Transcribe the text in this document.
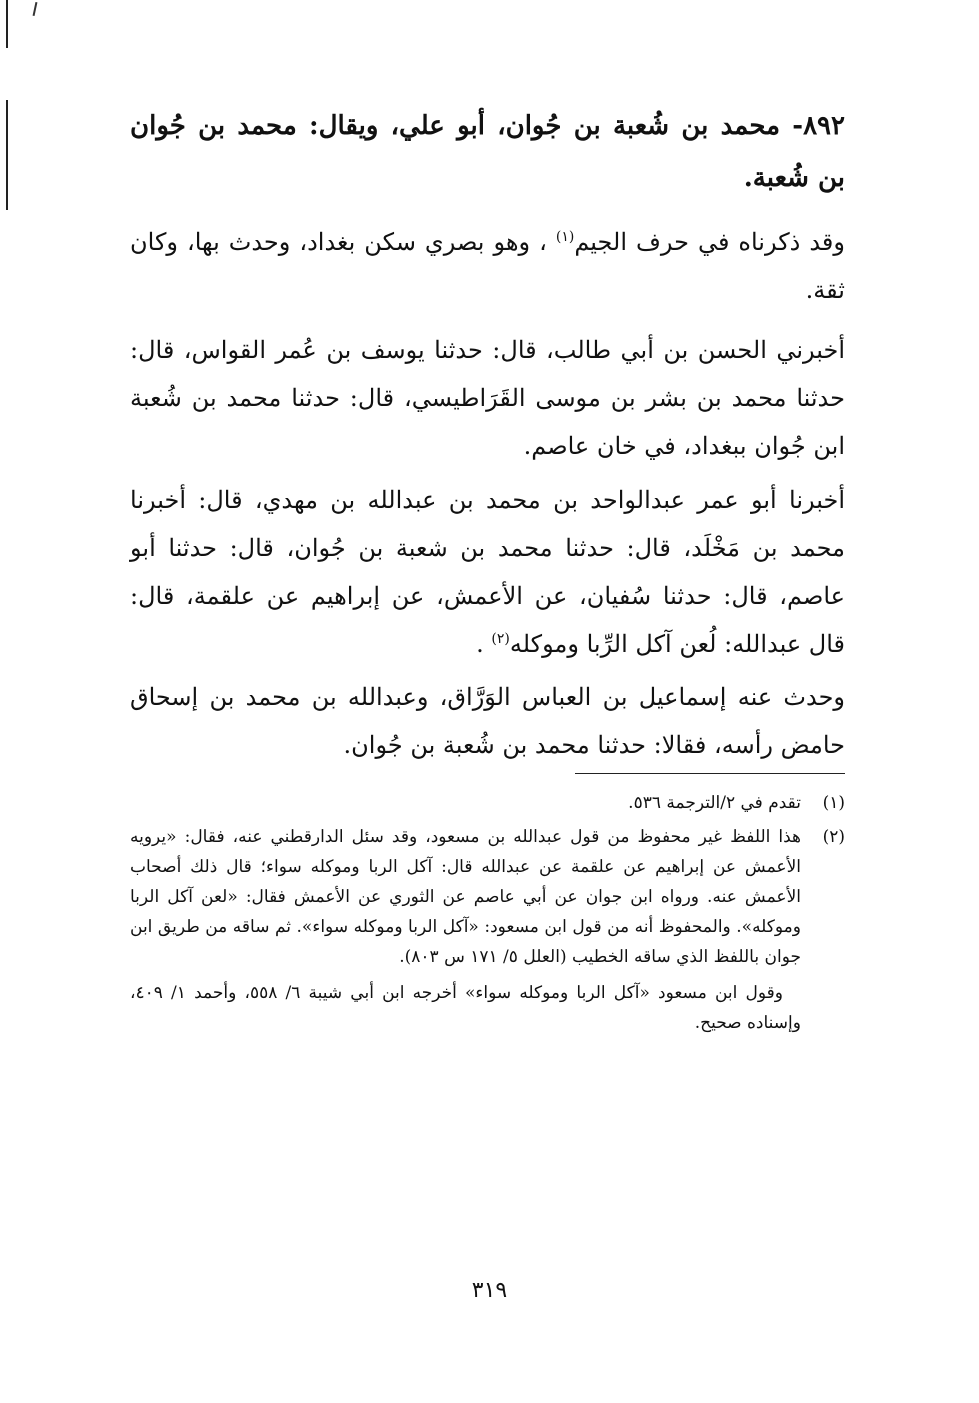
٨٩٢- محمد بن شُعبة بن جُوان، أبو علي، ويقال: محمد بن جُوان بن شُعبة.

وقد ذكرناه في حرف الجيم$^{(١)}$ ، وهو بصري سكن بغداد، وحدث بها، وكان ثقة.

أخبرني الحسن بن أبي طالب، قال: حدثنا يوسف بن عُمر القواس، قال: حدثنا محمد بن بشر بن موسى القَرَاطيسي، قال: حدثنا محمد بن شُعبة ابن جُوان ببغداد، في خان عاصم.

أخبرنا أبو عمر عبدالواحد بن محمد بن عبدالله بن مهدي، قال: أخبرنا محمد بن مَخْلَد، قال: حدثنا محمد بن شعبة بن جُوان، قال: حدثنا أبو عاصم، قال: حدثنا سُفيان، عن الأعمش، عن إبراهيم عن علقمة، قال: قال عبدالله: لُعن آكل الرِّبا وموكله$^{(٢)}$ .

وحدث عنه إسماعيل بن العباس الوَرَّاق، وعبدالله بن محمد بن إسحاق حامض رأسه، فقالا: حدثنا محمد بن شُعبة بن جُوان.

(١)
تقدم في ٢/الترجمة ٥٣٦.
(٢)
هذا اللفظ غير محفوظ من قول عبدالله بن مسعود، وقد سئل الدارقطني عنه، فقال: «يرويه الأعمش عن إبراهيم عن علقمة عن عبدالله قال: آكل الربا وموكله سواء؛ قال ذلك أصحاب الأعمش عنه. ورواه ابن جوان عن أبي عاصم عن الثوري عن الأعمش فقال: «لعن آكل الربا وموكله». والمحفوظ أنه من قول ابن مسعود: «آكل الربا وموكله سواء». ثم ساقه من طريق ابن جوان باللفظ الذي ساقه الخطيب (العلل ٥/ ١٧١ س ٨٠٣).
وقول ابن مسعود «آكل الربا وموكله سواء» أخرجه ابن أبي شيبة ٦/ ٥٥٨، وأحمد ١/ ٤٠٩، وإسناده صحيح.
٣١٩
